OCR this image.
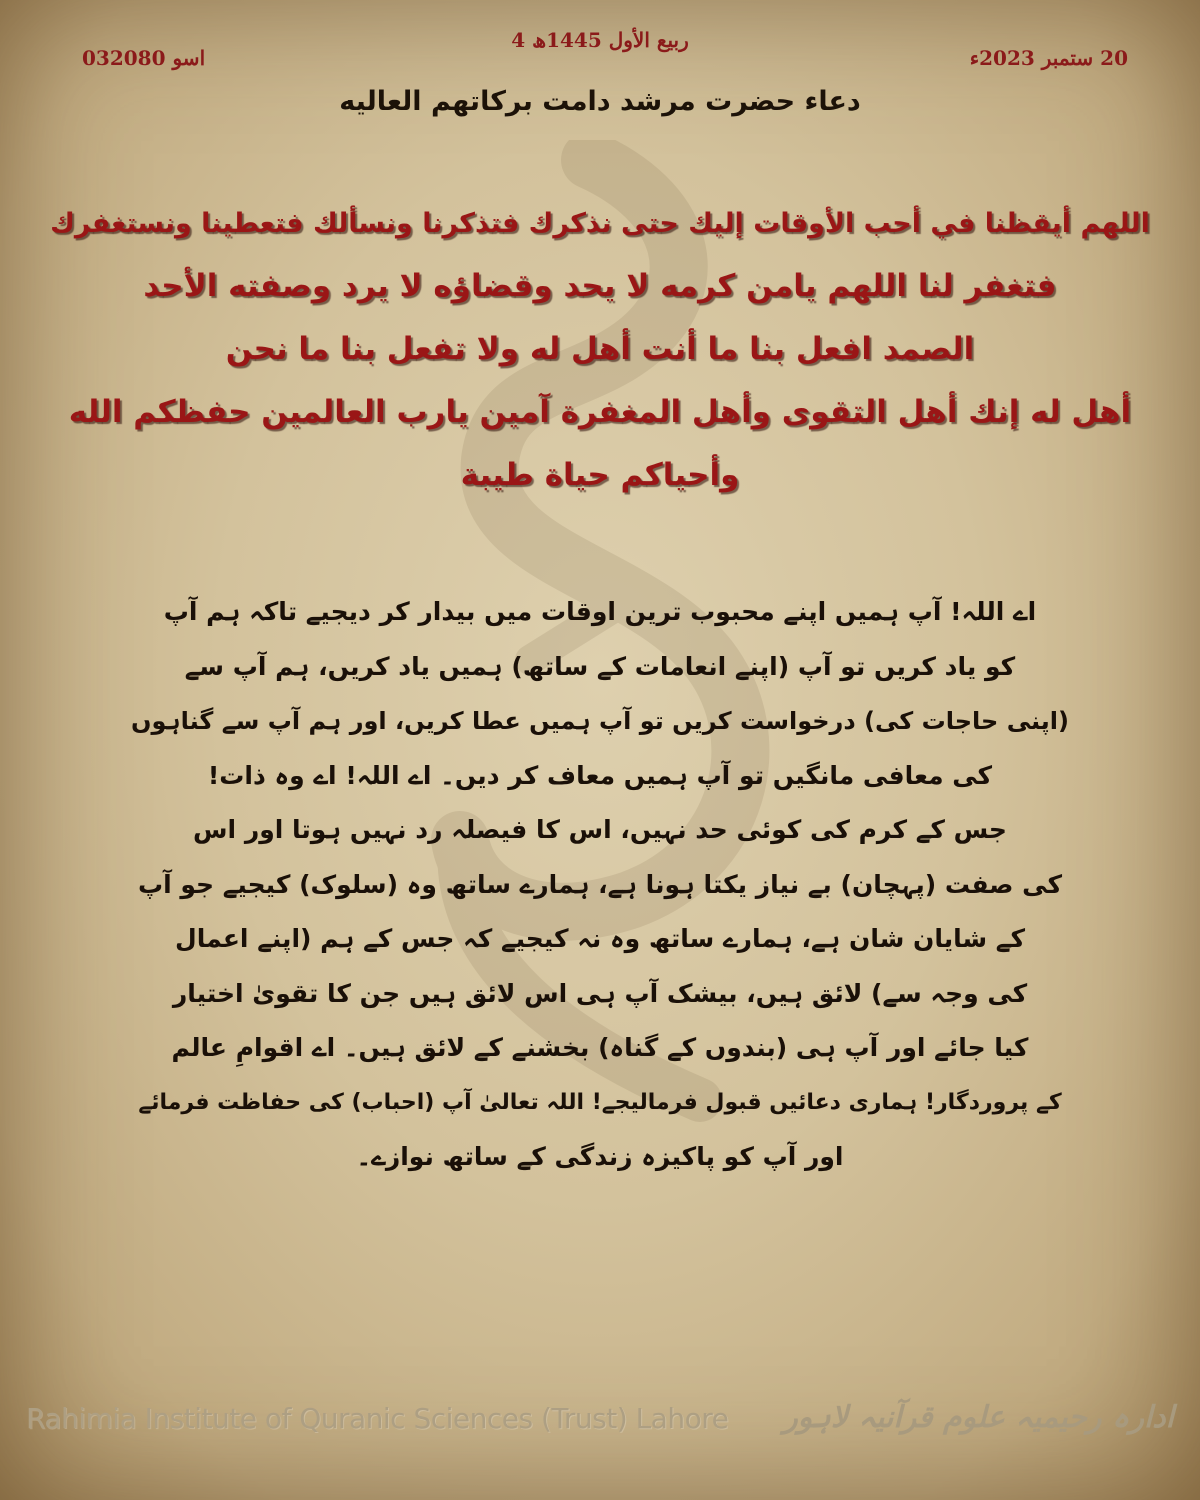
4 ربیع الأول 1445ھ
03اسو 2080	20 ستمبر 2023ء
دعاء حضرت مرشد دامت برکاتهم العالیه
اللهم أيقظنا في أحب الأوقات إليك حتى نذكرك فتذكرنا ونسألك فتعطينا ونستغفرك
فتغفر لنا اللهم يامن كرمه لا يحد وقضاؤه لا يرد وصفته الأحد
الصمد افعل بنا ما أنت أهل له ولا تفعل بنا ما نحن
أهل له إنك أهل التقوى وأهل المغفرة آمين يارب العالمين حفظكم الله
وأحياكم حياة طيبة
اے اللہ! آپ ہمیں اپنے محبوب ترین اوقات میں بیدار کر دیجیے تاکہ ہم آپ
کو یاد کریں تو آپ (اپنے انعامات کے ساتھ) ہمیں یاد کریں، ہم آپ سے
(اپنی حاجات کی) درخواست کریں تو آپ ہمیں عطا کریں، اور ہم آپ سے گناہوں
کی معافی مانگیں تو آپ ہمیں معاف کر دیں۔ اے اللہ! اے وہ ذات!
جس کے کرم کی کوئی حد نہیں، اس کا فیصلہ رد نہیں ہوتا اور اس
کی صفت (پہچان) بے نیاز یکتا ہونا ہے، ہمارے ساتھ وہ (سلوک) کیجیے جو آپ
کے شایان شان ہے، ہمارے ساتھ وہ نہ کیجیے کہ جس کے ہم (اپنے اعمال
کی وجہ سے) لائق ہیں، بیشک آپ ہی اس لائق ہیں جن کا تقویٰ اختیار
کیا جائے اور آپ ہی (بندوں کے گناہ) بخشنے کے لائق ہیں۔ اے اقوامِ عالم
کے پروردگار! ہماری دعائیں قبول فرمالیجے! اللہ تعالیٰ آپ (احباب) کی حفاظت فرمائے
اور آپ کو پاکیزہ زندگی کے ساتھ نوازے۔
Rahimia Institute of Quranic Sciences (Trust) Lahore ادارہ رحیمیہ علوم قرآنیہ لاہور
